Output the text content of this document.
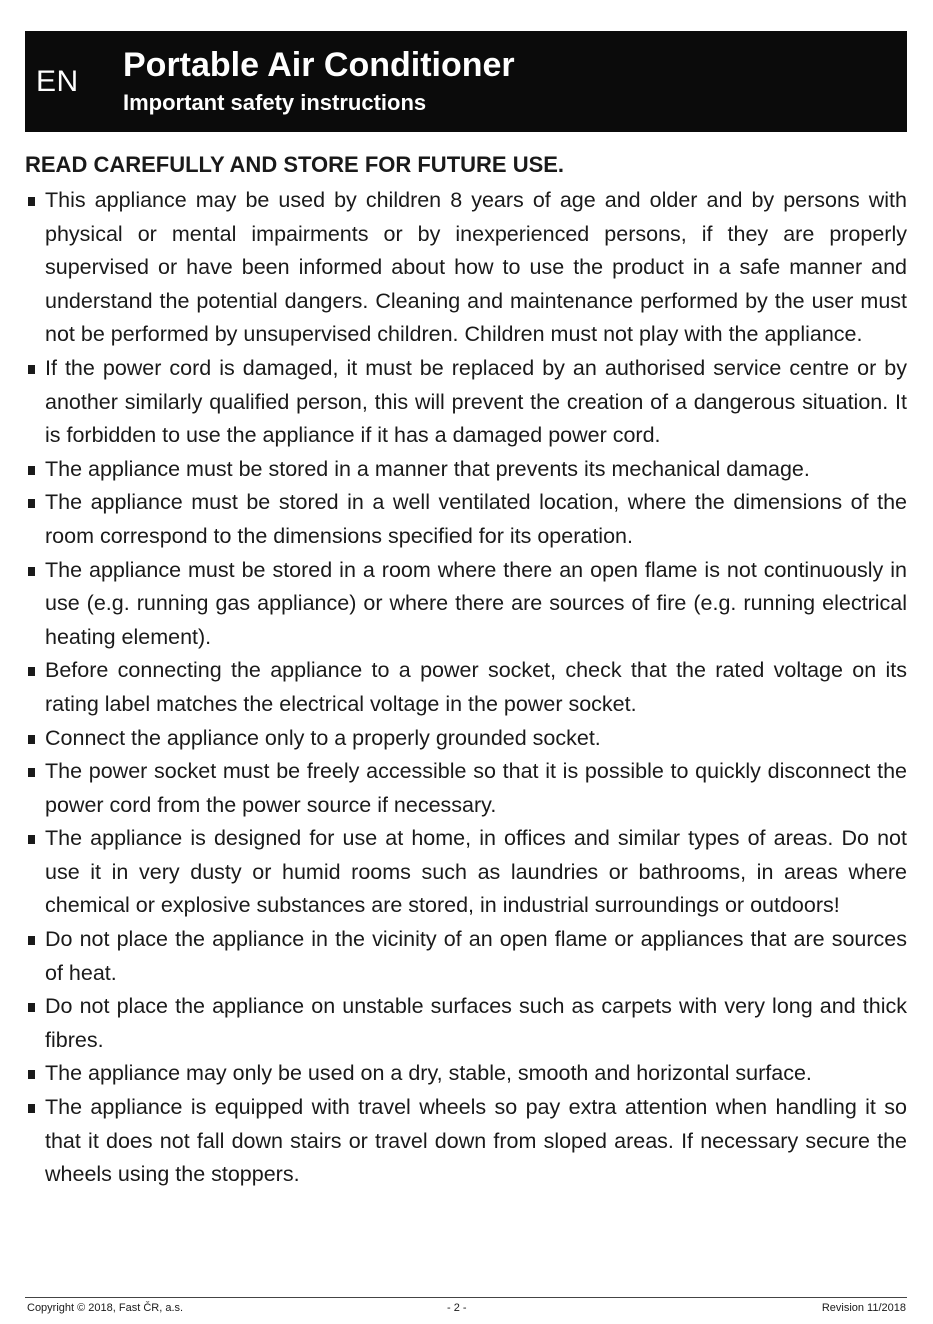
EN Portable Air Conditioner
Important safety instructions
READ CAREFULLY AND STORE FOR FUTURE USE.
This appliance may be used by children 8 years of age and older and by persons with physical or mental impairments or by inexperienced persons, if they are properly supervised or have been informed about how to use the product in a safe manner and understand the potential dangers. Cleaning and maintenance performed by the user must not be performed by unsupervised children. Children must not play with the appliance.
If the power cord is damaged, it must be replaced by an authorised service centre or by another similarly qualified person, this will prevent the creation of a dangerous situation. It is forbidden to use the appliance if it has a damaged power cord.
The appliance must be stored in a manner that prevents its mechanical damage.
The appliance must be stored in a well ventilated location, where the dimensions of the room correspond to the dimensions specified for its operation.
The appliance must be stored in a room where there an open flame is not continuously in use (e.g. running gas appliance) or where there are sources of fire (e.g. running electrical heating element).
Before connecting the appliance to a power socket, check that the rated voltage on its rating label matches the electrical voltage in the power socket.
Connect the appliance only to a properly grounded socket.
The power socket must be freely accessible so that it is possible to quickly disconnect the power cord from the power source if necessary.
The appliance is designed for use at home, in offices and similar types of areas. Do not use it in very dusty or humid rooms such as laundries or bathrooms, in areas where chemical or explosive substances are stored, in industrial surroundings or outdoors!
Do not place the appliance in the vicinity of an open flame or appliances that are sources of heat.
Do not place the appliance on unstable surfaces such as carpets with very long and thick fibres.
The appliance may only be used on a dry, stable, smooth and horizontal surface.
The appliance is equipped with travel wheels so pay extra attention when handling it so that it does not fall down stairs or travel down from sloped areas. If necessary secure the wheels using the stoppers.
Copyright © 2018, Fast ČR, a.s.	- 2 -	Revision 11/2018
